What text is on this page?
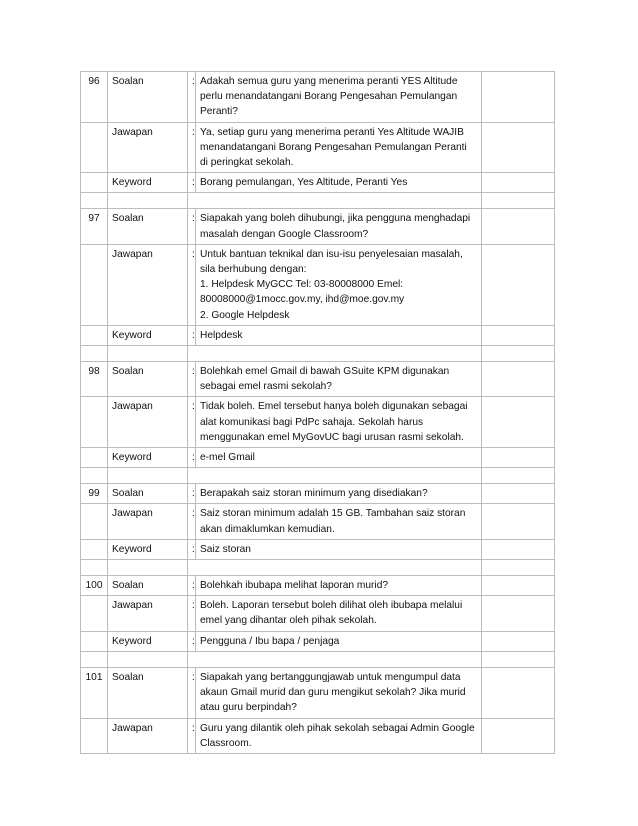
96	Soalan	:	Adakah semua guru yang menerima peranti YES Altitude perlu menandatangani Borang Pengesahan Pemulangan Peranti?	
	Jawapan	:	Ya, setiap guru yang menerima peranti Yes Altitude WAJIB menandatangani Borang Pengesahan Pemulangan Peranti di peringkat sekolah.	
	Keyword	:	Borang pemulangan, Yes Altitude, Peranti Yes	

97	Soalan	:	Siapakah yang boleh dihubungi, jika pengguna menghadapi masalah dengan Google Classroom?	
	Jawapan	:	Untuk bantuan teknikal dan isu-isu penyelesaian masalah, sila berhubung dengan:
1. Helpdesk MyGCC Tel: 03-80008000 Emel: 80008000@1mocc.gov.my, ihd@moe.gov.my
2. Google Helpdesk	
	Keyword	:	Helpdesk	

98	Soalan	:	Bolehkah emel Gmail di bawah GSuite KPM digunakan sebagai emel rasmi sekolah?	
	Jawapan	:	Tidak boleh. Emel tersebut hanya boleh digunakan sebagai alat komunikasi bagi PdPc sahaja. Sekolah harus menggunakan emel MyGovUC bagi urusan rasmi sekolah.	
	Keyword	:	e-mel Gmail	

99	Soalan	:	Berapakah saiz storan minimum yang disediakan?	
	Jawapan	:	Saiz storan minimum adalah 15 GB. Tambahan saiz storan akan dimaklumkan kemudian.	
	Keyword	:	Saiz storan	

100	Soalan	:	Bolehkah ibubapa melihat laporan murid?	
	Jawapan	:	Boleh. Laporan tersebut boleh dilihat oleh ibubapa melalui emel yang dihantar oleh pihak sekolah.	
	Keyword	:	Pengguna / Ibu bapa / penjaga	

101	Soalan	:	Siapakah yang bertanggungjawab untuk mengumpul data akaun Gmail murid dan guru mengikut sekolah? Jika murid atau guru berpindah?	
	Jawapan	:	Guru yang dilantik oleh pihak sekolah sebagai Admin Google Classroom.	
